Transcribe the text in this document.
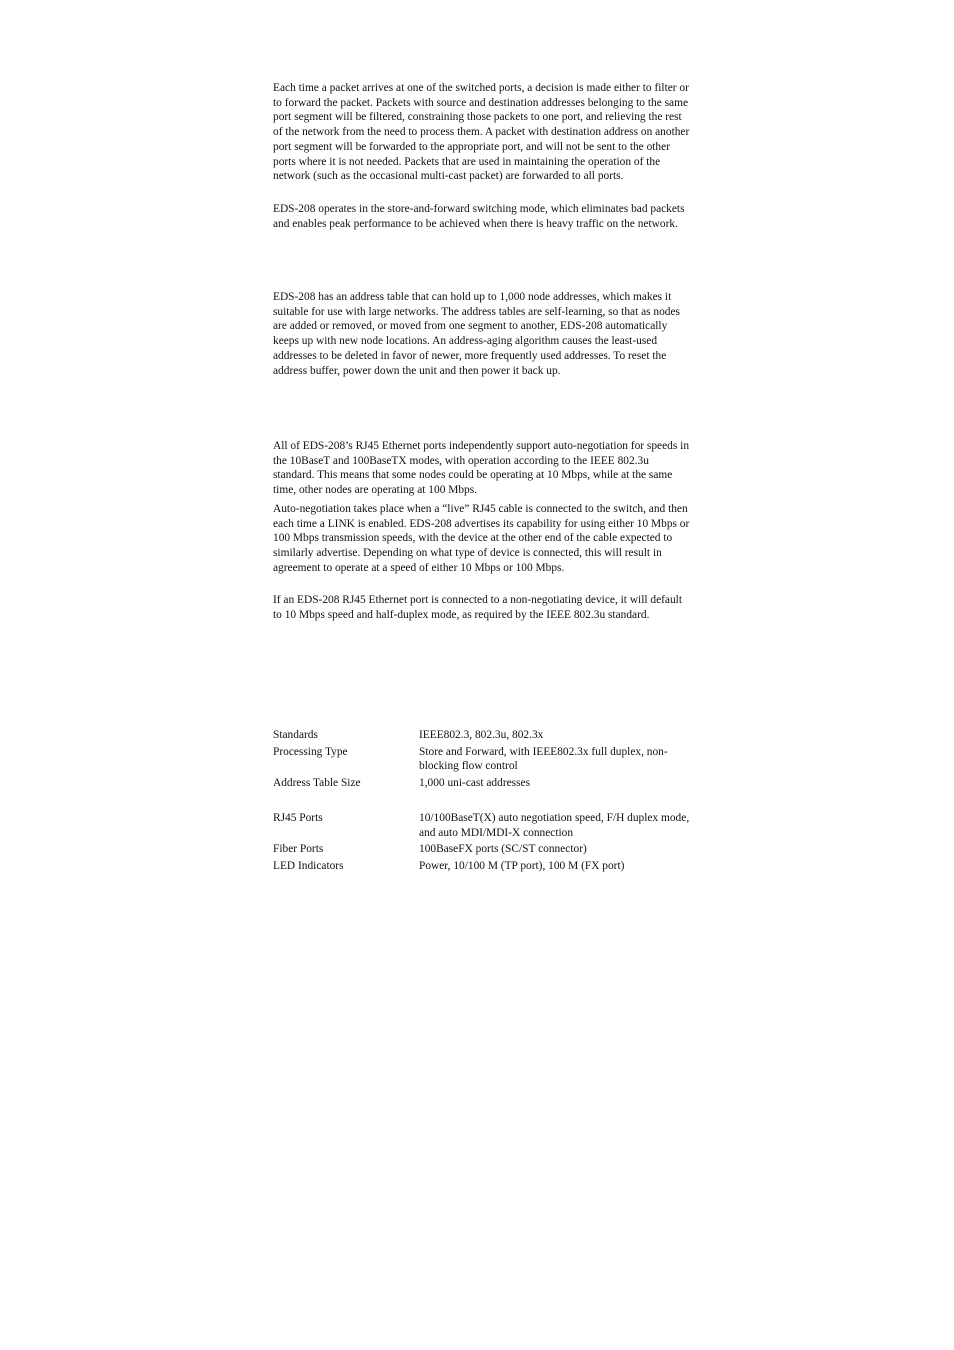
Each time a packet arrives at one of the switched ports, a decision is made either to filter or to forward the packet. Packets with source and destination addresses belonging to the same port segment will be filtered, constraining those packets to one port, and relieving the rest of the network from the need to process them. A packet with destination address on another port segment will be forwarded to the appropriate port, and will not be sent to the other ports where it is not needed. Packets that are used in maintaining the operation of the network (such as the occasional multi-cast packet) are forwarded to all ports.

EDS-208 operates in the store-and-forward switching mode, which eliminates bad packets and enables peak performance to be achieved when there is heavy traffic on the network.

EDS-208 has an address table that can hold up to 1,000 node addresses, which makes it suitable for use with large networks. The address tables are self-learning, so that as nodes are added or removed, or moved from one segment to another, EDS-208 automatically keeps up with new node locations. An address-aging algorithm causes the least-used addresses to be deleted in favor of newer, more frequently used addresses. To reset the address buffer, power down the unit and then power it back up.

All of EDS-208’s RJ45 Ethernet ports independently support auto-negotiation for speeds in the 10BaseT and 100BaseTX modes, with operation according to the IEEE 802.3u standard. This means that some nodes could be operating at 10 Mbps, while at the same time, other nodes are operating at 100 Mbps.

Auto-negotiation takes place when a “live” RJ45 cable is connected to the switch, and then each time a LINK is enabled. EDS-208 advertises its capability for using either 10 Mbps or 100 Mbps transmission speeds, with the device at the other end of the cable expected to similarly advertise. Depending on what type of device is connected, this will result in agreement to operate at a speed of either 10 Mbps or 100 Mbps.

If an EDS-208 RJ45 Ethernet port is connected to a non-negotiating device, it will default to 10 Mbps speed and half-duplex mode, as required by the IEEE 802.3u standard.

Standards	IEEE802.3, 802.3u, 802.3x
Processing Type	Store and Forward, with IEEE802.3x full duplex, non-blocking flow control
Address Table Size	1,000 uni-cast addresses
RJ45 Ports	10/100BaseT(X) auto negotiation speed, F/H duplex mode, and auto MDI/MDI-X connection
Fiber Ports	100BaseFX ports (SC/ST connector)
LED Indicators	Power, 10/100 M (TP port), 100 M (FX port)
